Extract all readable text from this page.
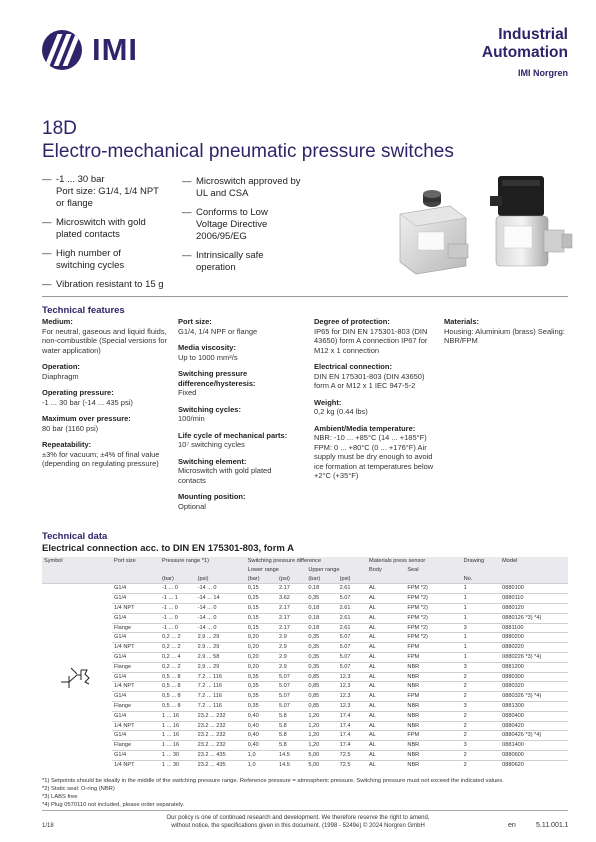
IMI	Industrial
Automation
IMI Norgren
18D
Electro-mechanical pneumatic pressure switches
— -1 ... 30 bar
Port size: G1/4, 1/4 NPT
or flange
— Microswitch with gold
plated contacts
— High number of
switching cycles
— Vibration resistant to 15 g
— Microswitch approved by
UL and CSA
— Conforms to Low
Voltage Directive
2006/95/EG
— Intrinsically safe
operation
Technical features
Medium:
For neutral, gaseous and liquid fluids, non-combustible (Special versions for water application)
Operation:
Diaphragm
Operating pressure:
-1 ... 30 bar (-14 ... 435 psi)
Maximum over pressure:
80 bar (1160 psi)
Repeatability:
±3% for vacuum; ±4% of final value (depending on regulating pressure)
Port size:
G1/4, 1/4 NPF or flange
Media viscosity:
Up to 1000 mm²/s
Switching pressure difference/hysteresis:
Fixed
Switching cycles:
100/min
Life cycle of mechanical parts:
10⁷ switching cycles
Switching element:
Microswitch with gold plated contacts
Mounting position:
Optional
Degree of protection:
IP65 for DIN EN 175301-803 (DIN 43650) form A connection IP67 for M12 x 1 connection
Electrical connection:
DIN EN 175301-803 (DIN 43650) form A or M12 x 1 IEC 947-5-2
Weight:
0,2 kg (0.44 lbs)
Ambient/Media temperature:
NBR: -10 ... +85°C (14 ... +185°F) FPM: 0 ... +80°C (0 ... +176°F) Air supply must be dry enough to avoid ice formation at temperatures below +2°C (+35°F)
Materials:
Housing: Aluminium (brass) Sealing: NBR/FPM
Technical data
Electrical connection acc. to DIN EN 175301-803, form A
Symbol	Port size	Pressure range *1)		Switching pressure difference				Materials press sensor		Drawing	Model
				Lower range		Upper range		Body	Seal		
		(bar)	(psi)	(bar)	(psi)	(bar)	(psi)			No.	
	G1/4	-1 ... 0	-14 ... 0	0,15	2.17	0,18	2.61	AL	FPM *2)	1	0880100
	G1/4	-1 ... 1	-14 ... 14	0,25	3.62	0,35	5.07	AL	FPM *2)	1	0880110
	1/4 NPT	-1 ... 0	-14 ... 0	0,15	2.17	0,18	2.61	AL	FPM *2)	1	0880120
	G1/4	-1 ... 0	-14 ... 0	0,15	2.17	0,18	2.61	AL	FPM *2)	1	0880126 *3) *4)
	Flange	-1 ... 0	-14 ... 0	0,15	2.17	0,18	2.61	AL	FPM *2)	3	0881100
	G1/4	0,2 ... 2	2.9 ... 29	0,20	2.9	0,35	5.07	AL	FPM *2)	1	0880200
	1/4 NPT	0,2 ... 2	2.9 ... 29	0,20	2.9	0,35	5.07	AL	FPM	1	0880220
	G1/4	0,2 ... 4	2.9 ... 58	0,20	2.9	0,35	5.07	AL	FPM	1	0880226 *3) *4)
	Flange	0,2 ... 2	2.9 ... 29	0,20	2.9	0,35	5.07	AL	NBR	3	0881200
	G1/4	0,5 ... 8	7.2 ... 116	0,35	5.07	0,85	12.3	AL	NBR	2	0880300
	1/4 NPT	0,5 ... 8	7.2 ... 116	0,35	5.07	0,85	12.3	AL	NBR	2	0880320
	G1/4	0,5 ... 8	7.2 ... 116	0,35	5.07	0,85	12.3	AL	FPM	2	0880326 *3) *4)
	Flange	0,5 ... 8	7.2 ... 116	0,35	5.07	0,85	12.3	AL	NBR	3	0881300
	G1/4	1 ... 16	23.2 ... 232	0,40	5.8	1,20	17.4	AL	NBR	2	0880400
	1/4 NPT	1 ... 16	23.2 ... 232	0,40	5.8	1,20	17.4	AL	NBR	2	0880420
	G1/4	1 ... 16	23.2 ... 232	0,40	5.8	1,20	17.4	AL	FPM	2	0880426 *3) *4)
	Flange	1 ... 16	23.2 ... 232	0,40	5.8	1,20	17.4	AL	NBR	3	0881400
	G1/4	1 ... 30	23.2 ... 435	1,0	14.5	5,00	72.5	AL	NBR	2	0880600
	1/4 NPT	1 ... 30	23.2 ... 435	1,0	14.5	5,00	72.5	AL	NBR	2	0880620
*1) Setpoints should be ideally in the middle of the switching pressure range. Reference pressure = atmospheric pressure. Switching pressure must not exceed the indicated values.
*2) Static seal: O-ring (NBR)
*3) LABS free
*4) Plug 0570110 not included, please order separately.
1/18
Our policy is one of continued research and development. We therefore reserve the right to amend,
without notice, the specifications given in this document. (1998 - 5249e) © 2024 Norgren GmbH	en	5.11.001.1
